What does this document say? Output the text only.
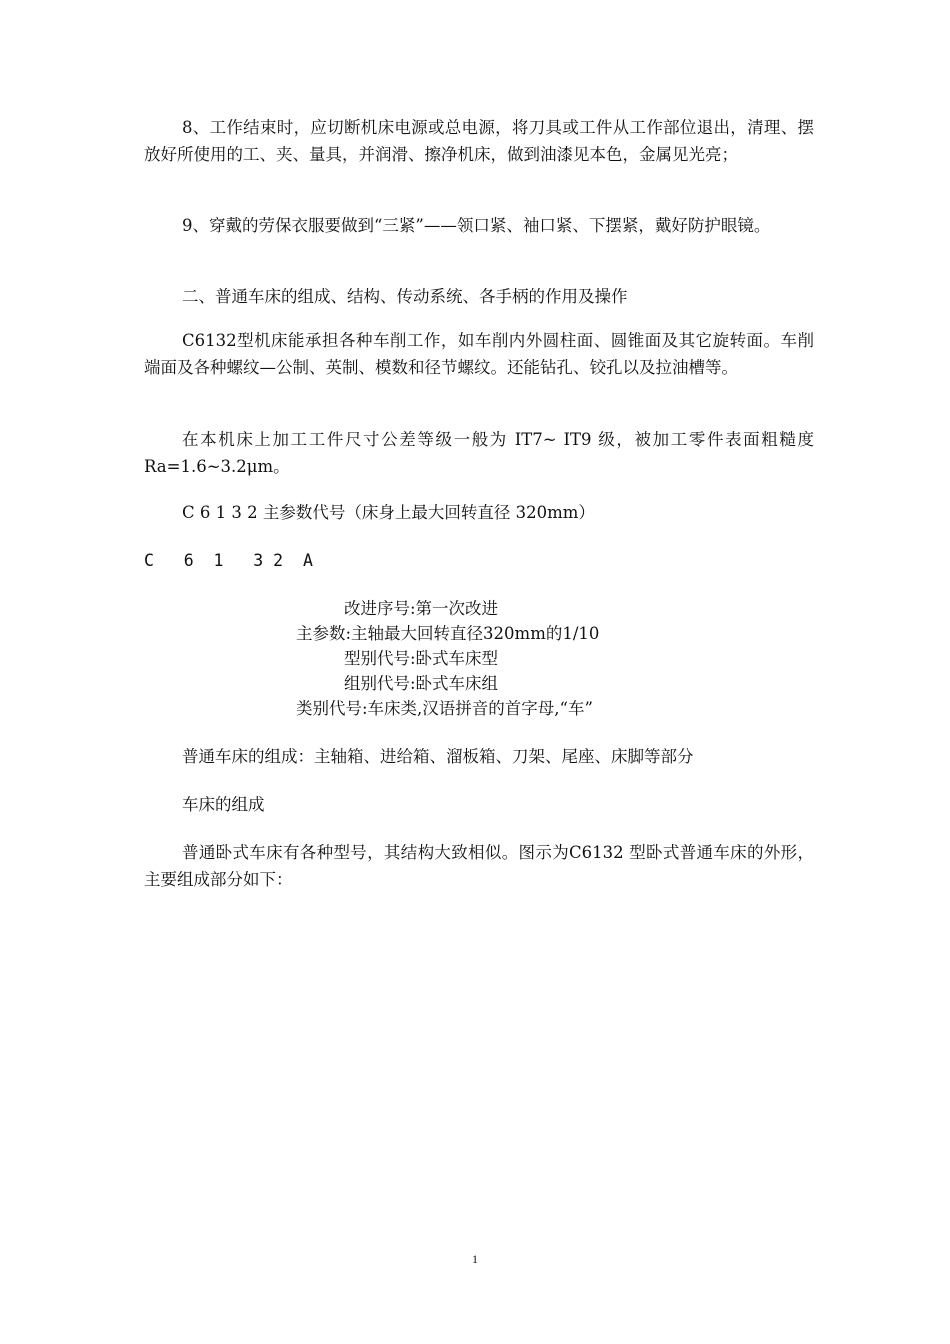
8、工作结束时，应切断机床电源或总电源，将刀具或工件从工作部位退出，清理、摆放好所使用的工、夹、量具，并润滑、擦净机床，做到油漆见本色，金属见光亮；

9、穿戴的劳保衣服要做到“三紧”——领口紧、袖口紧、下摆紧，戴好防护眼镜。

二、普通车床的组成、结构、传动系统、各手柄的作用及操作

C6132型机床能承担各种车削工作，如车削内外圆柱面、圆锥面及其它旋转面。车削端面及各种螺纹—公制、英制、模数和径节螺纹。还能钻孔、铰孔以及拉油槽等。

在本机床上加工工件尺寸公差等级一般为 IT7~ IT9 级，被加工零件表面粗糙度 Ra=1.6~3.2μm。

C 6 1 3 2 主参数代号（床身上最大回转直径 320mm）

C   6  1   3 2  A

改进序号:第一次改进

主参数:主轴最大回转直径320mm的1/10

型别代号:卧式车床型

组别代号:卧式车床组

类别代号:车床类,汉语拼音的首字母,“车”

普通车床的组成：主轴箱、进给箱、溜板箱、刀架、尾座、床脚等部分

车床的组成

普通卧式车床有各种型号，其结构大致相似。图示为C6132 型卧式普通车床的外形，主要组成部分如下：

1
